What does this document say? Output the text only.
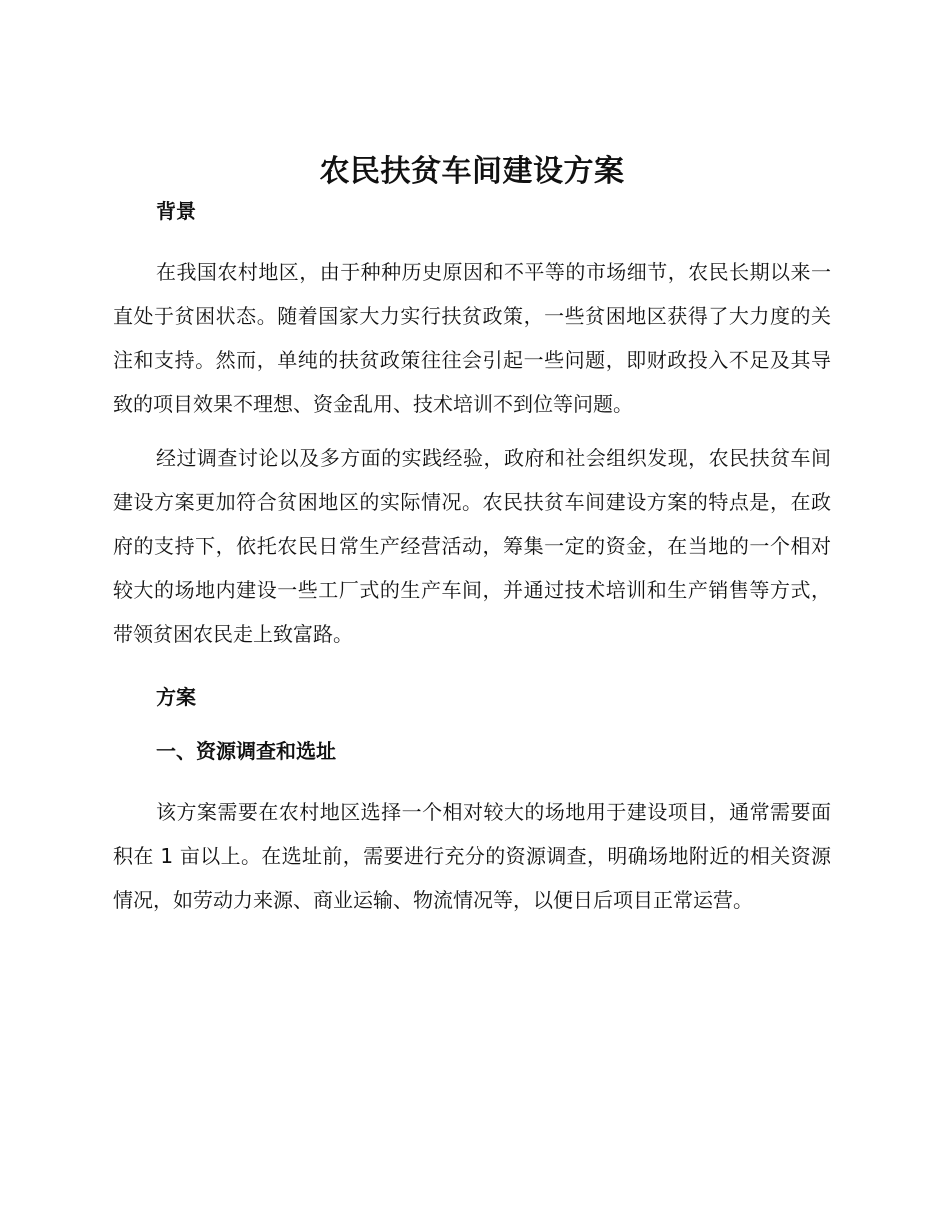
农民扶贫车间建设方案
背景

在我国农村地区，由于种种历史原因和不平等的市场细节，农民长期以来一直处于贫困状态。随着国家大力实行扶贫政策，一些贫困地区获得了大力度的关注和支持。然而，单纯的扶贫政策往往会引起一些问题，即财政投入不足及其导致的项目效果不理想、资金乱用、技术培训不到位等问题。

经过调查讨论以及多方面的实践经验，政府和社会组织发现，农民扶贫车间建设方案更加符合贫困地区的实际情况。农民扶贫车间建设方案的特点是，在政府的支持下，依托农民日常生产经营活动，筹集一定的资金，在当地的一个相对较大的场地内建设一些工厂式的生产车间，并通过技术培训和生产销售等方式，带领贫困农民走上致富路。

方案
一、资源调查和选址

该方案需要在农村地区选择一个相对较大的场地用于建设项目，通常需要面积在 1 亩以上。在选址前，需要进行充分的资源调查，明确场地附近的相关资源情况，如劳动力来源、商业运输、物流情况等，以便日后项目正常运营。
